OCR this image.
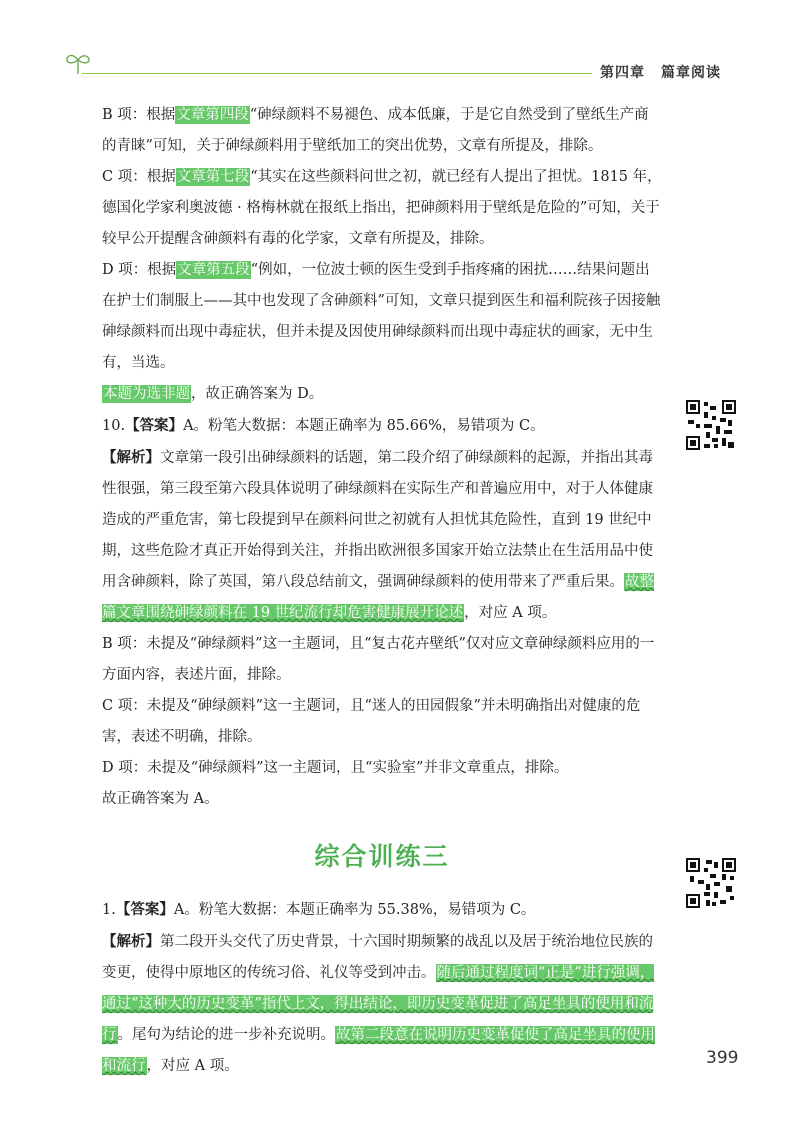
第四章 篇章阅读

B 项：根据文章第四段“砷绿颜料不易褪色、成本低廉，于是它自然受到了壁纸生产商的青睐”可知，关于砷绿颜料用于壁纸加工的突出优势，文章有所提及，排除。

C 项：根据文章第七段“其实在这些颜料问世之初，就已经有人提出了担忧。1815 年，德国化学家利奥波德 · 格梅林就在报纸上指出，把砷颜料用于壁纸是危险的”可知，关于较早公开提醒含砷颜料有毒的化学家，文章有所提及，排除。

D 项：根据文章第五段“例如，一位波士顿的医生受到手指疼痛的困扰……结果问题出在护士们制服上——其中也发现了含砷颜料”可知，文章只提到医生和福利院孩子因接触砷绿颜料而出现中毒症状，但并未提及因使用砷绿颜料而出现中毒症状的画家，无中生有，当选。

本题为选非题，故正确答案为 D。

10.【答案】A。粉笔大数据：本题正确率为 85.66%，易错项为 C。

【解析】文章第一段引出砷绿颜料的话题，第二段介绍了砷绿颜料的起源，并指出其毒性很强，第三段至第六段具体说明了砷绿颜料在实际生产和普遍应用中，对于人体健康造成的严重危害，第七段提到早在颜料问世之初就有人担忧其危险性，直到 19 世纪中期，这些危险才真正开始得到关注，并指出欧洲很多国家开始立法禁止在生活用品中使用含砷颜料，除了英国，第八段总结前文，强调砷绿颜料的使用带来了严重后果。故整篇文章围绕砷绿颜料在 19 世纪流行却危害健康展开论述，对应 A 项。

B 项：未提及“砷绿颜料”这一主题词，且“复古花卉壁纸”仅对应文章砷绿颜料应用的一方面内容，表述片面，排除。

C 项：未提及“砷绿颜料”这一主题词，且“迷人的田园假象”并未明确指出对健康的危害，表述不明确，排除。

D 项：未提及“砷绿颜料”这一主题词，且“实验室”并非文章重点，排除。

故正确答案为 A。

综合训练三

1.【答案】A。粉笔大数据：本题正确率为 55.38%，易错项为 C。

【解析】第二段开头交代了历史背景，十六国时期频繁的战乱以及居于统治地位民族的变更，使得中原地区的传统习俗、礼仪等受到冲击。随后通过程度词“正是”进行强调，通过“这种大的历史变革”指代上文，得出结论，即历史变革促进了高足坐具的使用和流行。尾句为结论的进一步补充说明。故第二段意在说明历史变革促使了高足坐具的使用和流行，对应 A 项。	399
